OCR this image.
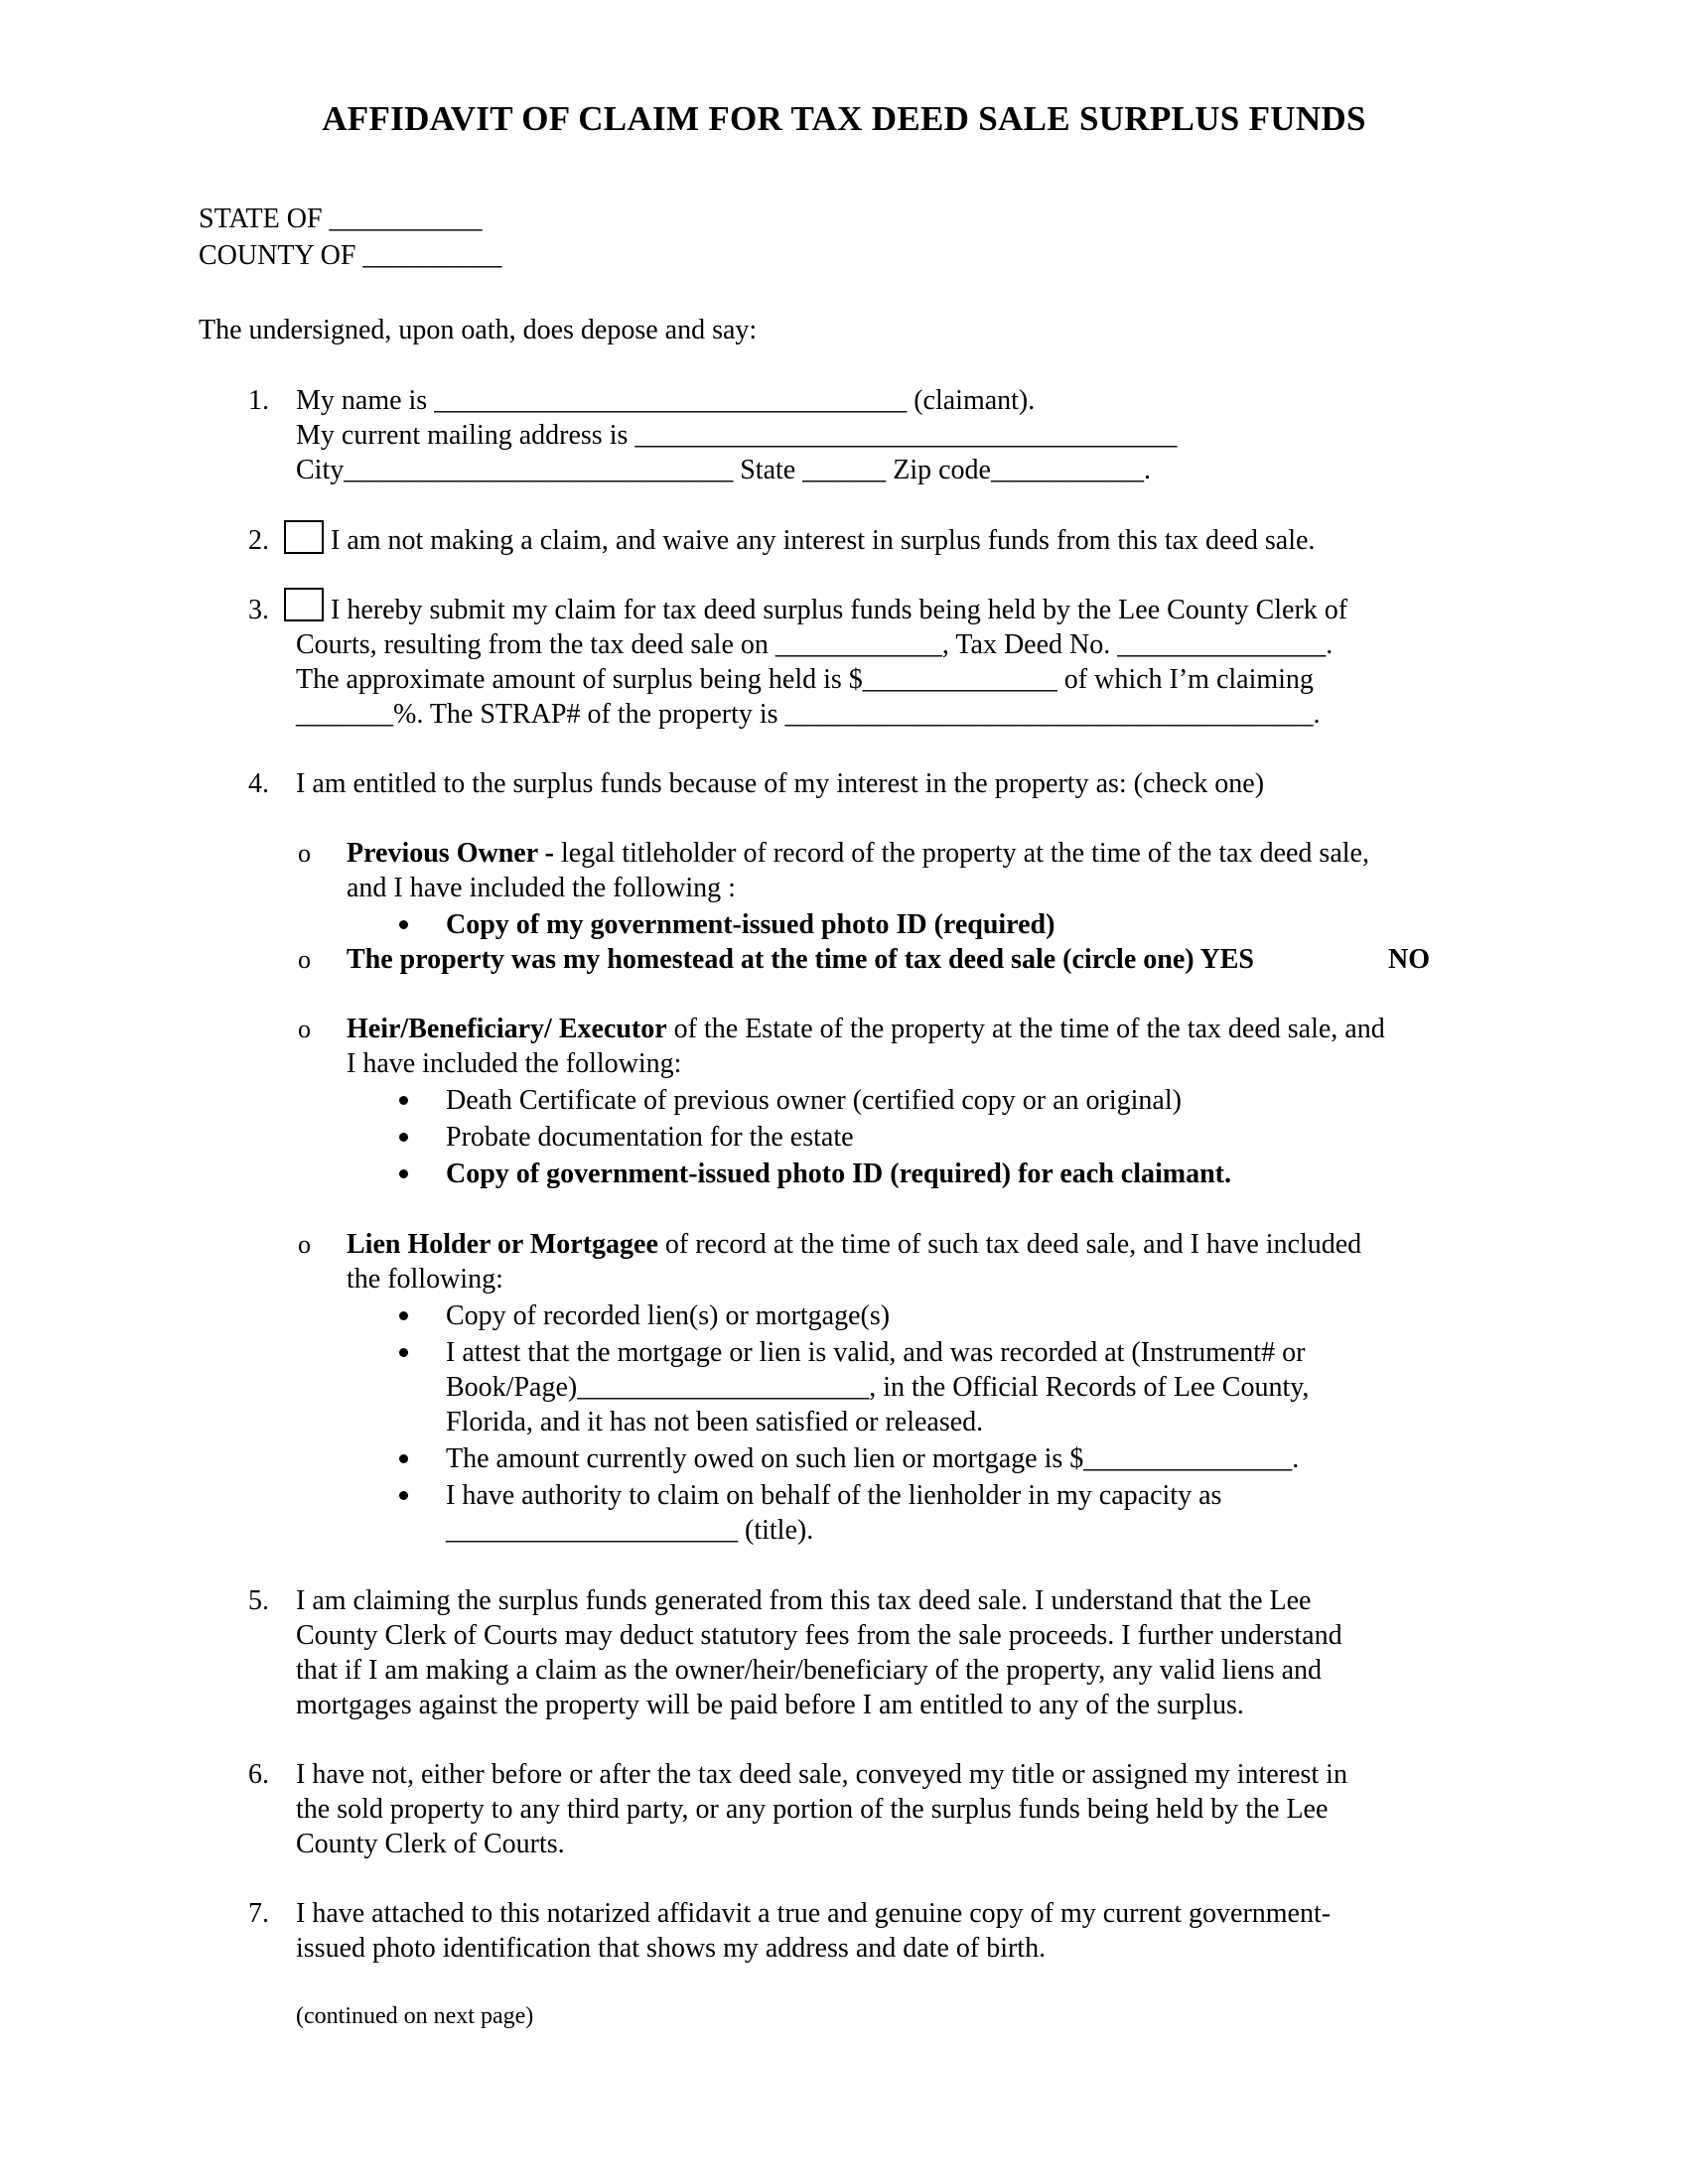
AFFIDAVIT OF CLAIM FOR TAX DEED SALE SURPLUS FUNDS
STATE OF ___________
COUNTY OF __________
The undersigned, upon oath, does depose and say:
1. My name is __________________________________ (claimant).
My current mailing address is _______________________________________
City____________________________ State ______ Zip code___________.
2. I am not making a claim, and waive any interest in surplus funds from this tax deed sale.
3. I hereby submit my claim for tax deed surplus funds being held by the Lee County Clerk of
Courts, resulting from the tax deed sale on ____________, Tax Deed No. _______________.
The approximate amount of surplus being held is $______________ of which I’m claiming
_______%. The STRAP# of the property is ______________________________________.
4. I am entitled to the surplus funds because of my interest in the property as: (check one)
o Previous Owner - legal titleholder of record of the property at the time of the tax deed sale,
and I have included the following :
Copy of my government-issued photo ID (required)
o The property was my homestead at the time of tax deed sale (circle one) YES	NO
o Heir/Beneficiary/ Executor of the Estate of the property at the time of the tax deed sale, and
I have included the following:
Death Certificate of previous owner (certified copy or an original)
Probate documentation for the estate
Copy of government-issued photo ID (required) for each claimant.
o Lien Holder or Mortgagee of record at the time of such tax deed sale, and I have included
the following:
Copy of recorded lien(s) or mortgage(s)
I attest that the mortgage or lien is valid, and was recorded at (Instrument# or
Book/Page)_____________________, in the Official Records of Lee County,
Florida, and it has not been satisfied or released.
The amount currently owed on such lien or mortgage is $_______________.
I have authority to claim on behalf of the lienholder in my capacity as
_____________________ (title).
5. I am claiming the surplus funds generated from this tax deed sale. I understand that the Lee
County Clerk of Courts may deduct statutory fees from the sale proceeds. I further understand
that if I am making a claim as the owner/heir/beneficiary of the property, any valid liens and
mortgages against the property will be paid before I am entitled to any of the surplus.
6. I have not, either before or after the tax deed sale, conveyed my title or assigned my interest in
the sold property to any third party, or any portion of the surplus funds being held by the Lee
County Clerk of Courts.
7. I have attached to this notarized affidavit a true and genuine copy of my current government-
issued photo identification that shows my address and date of birth.
(continued on next page)
